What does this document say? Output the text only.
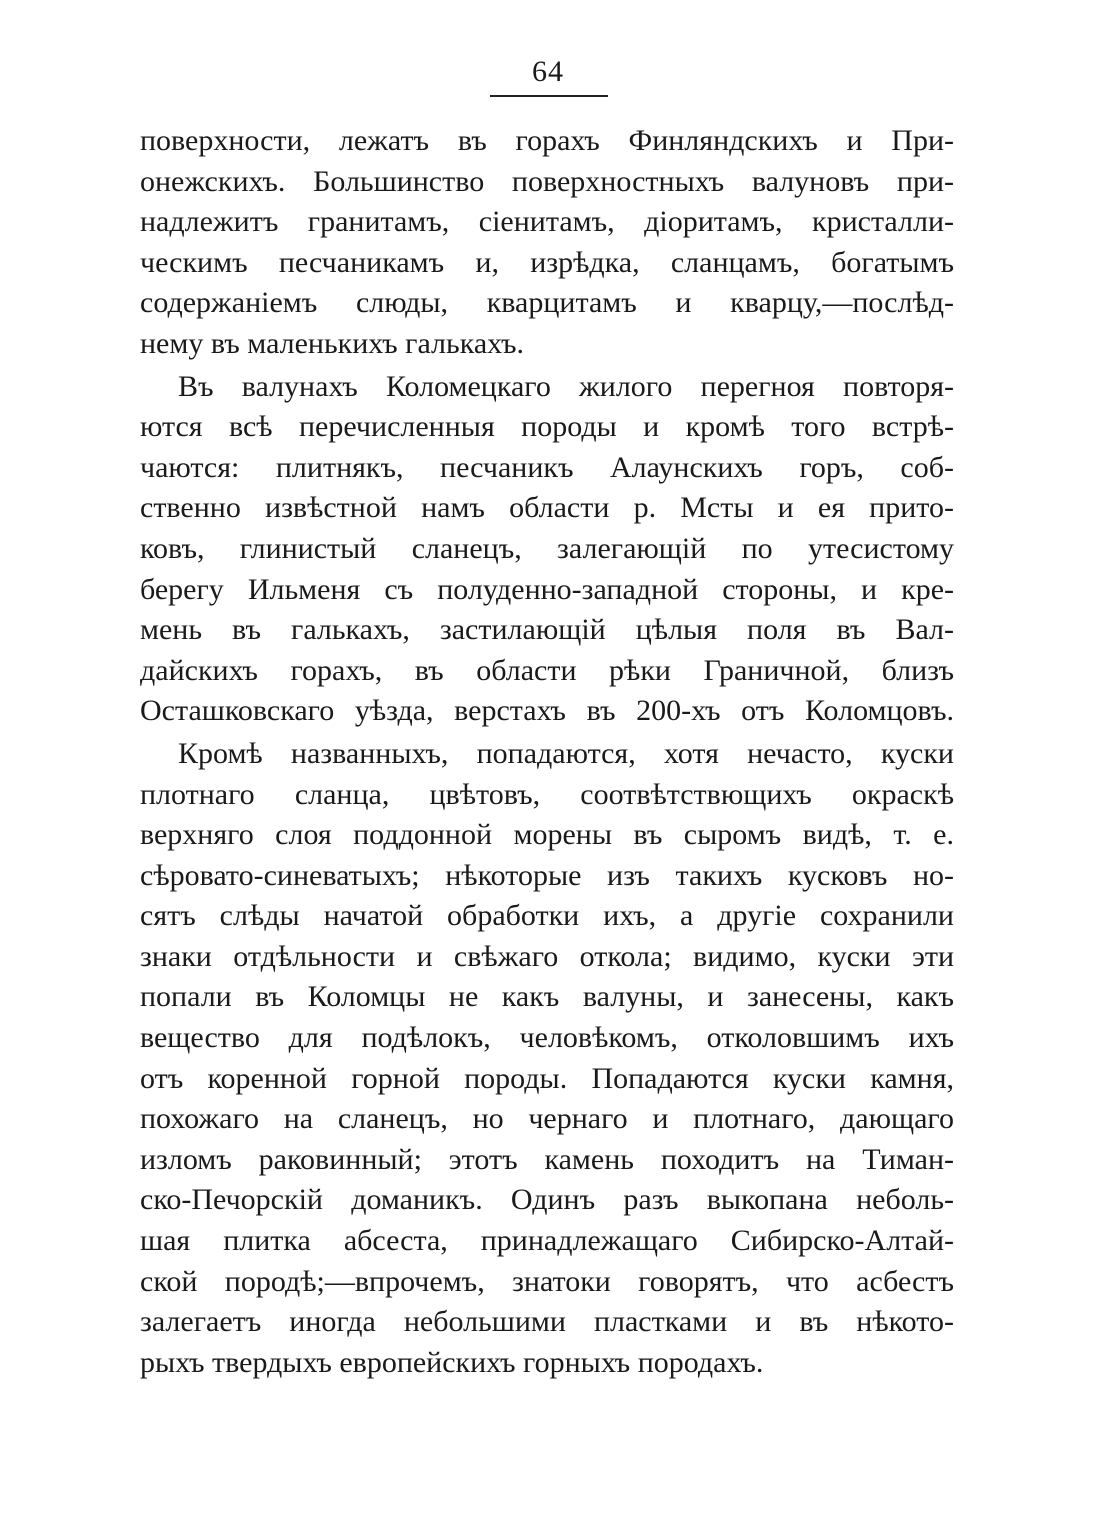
64
поверхности, лежатъ въ горахъ Финляндскихъ и При-
онежскихъ. Большинство поверхностныхъ валуновъ при-
надлежитъ гранитамъ, сіенитамъ, діоритамъ, кристалли-
ческимъ песчаникамъ и, изрѣдка, сланцамъ, богатымъ
содержаніемъ слюды, кварцитамъ и кварцу,—послѣд-
нему въ маленькихъ галькахъ.
Въ валунахъ Коломецкаго жилого перегноя повторя-
ются всѣ перечисленныя породы и кромѣ того встрѣ-
чаются: плитнякъ, песчаникъ Алаунскихъ горъ, соб-
ственно извѣстной намъ области р. Мсты и ея прито-
ковъ, глинистый сланецъ, залегающій по утесистому
берегу Ильменя съ полуденно-западной стороны, и кре-
мень въ галькахъ, застилающій цѣлыя поля въ Вал-
дайскихъ горахъ, въ области рѣки Граничной, близъ
Осташковскаго уѣзда, верстахъ въ 200-хъ отъ Коломцовъ.
Кромѣ названныхъ, попадаются, хотя нечасто, куски
плотнаго сланца, цвѣтовъ, соотвѣтствющихъ окраскѣ
верхняго слоя поддонной морены въ сыромъ видѣ, т. е.
сѣровато-синеватыхъ; нѣкоторые изъ такихъ кусковъ но-
сятъ слѣды начатой обработки ихъ, а другіе сохранили
знаки отдѣльности и свѣжаго откола; видимо, куски эти
попали въ Коломцы не какъ валуны, и занесены, какъ
вещество для подѣлокъ, человѣкомъ, отколовшимъ ихъ
отъ коренной горной породы. Попадаются куски камня,
похожаго на сланецъ, но чернаго и плотнаго, дающаго
изломъ раковинный; этотъ камень походитъ на Тиман-
ско-Печорскій доманикъ. Одинъ разъ выкопана неболь-
шая плитка абсеста, принадлежащаго Сибирско-Алтай-
ской породѣ;—впрочемъ, знатоки говорятъ, что асбестъ
залегаетъ иногда небольшими пластками и въ нѣкото-
рыхъ твердыхъ европейскихъ горныхъ породахъ.
